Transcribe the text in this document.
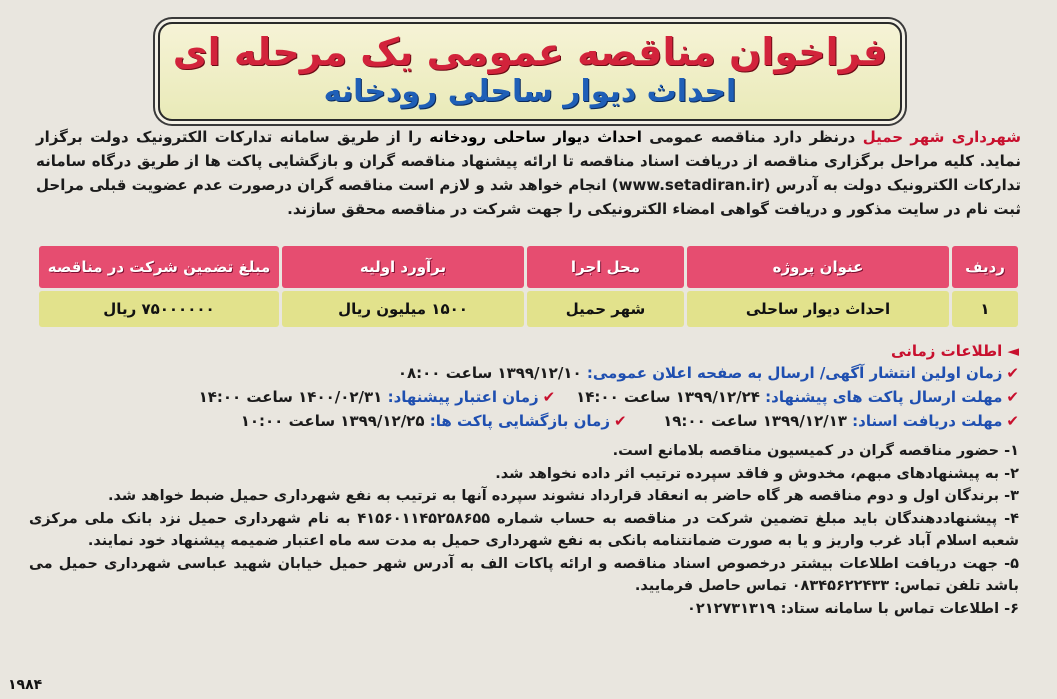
فراخوان مناقصه عمومی یک مرحله ای
احداث دیوار ساحلی رودخانه
شهرداری شهر حمیل درنظر دارد مناقصه عمومی احداث دیوار ساحلی رودخانه را از طریق سامانه تدارکات الکترونیک دولت برگزار نماید. کلیه مراحل برگزاری مناقصه از دریافت اسناد مناقصه تا ارائه پیشنهاد مناقصه گران و بازگشایی پاکت ها از طریق درگاه سامانه تدارکات الکترونیک دولت به آدرس (www.setadiran.ir) انجام خواهد شد و لازم است مناقصه گران درصورت عدم عضویت قبلی مراحل ثبت نام در سایت مذکور و دریافت گواهی امضاء الکترونیکی را جهت شرکت در مناقصه محقق سازند.
ردیف	عنوان پروژه	محل اجرا	برآورد اولیه	مبلغ تضمین شرکت در مناقصه
۱	احداث دیوار ساحلی	شهر حمیل	۱۵۰۰ میلیون ریال	۷۵۰۰۰۰۰۰ ریال
◄ اطلاعات زمانی
✔زمان اولین انتشار آگهی/ ارسال به صفحه اعلان عمومی: ۱۳۹۹/۱۲/۱۰ ساعت ۰۸:۰۰
✔مهلت ارسال پاکت های پیشنهاد: ۱۳۹۹/۱۲/۲۴ ساعت ۱۴:۰۰    ✔زمان اعتبار پیشنهاد: ۱۴۰۰/۰۲/۳۱ ساعت ۱۴:۰۰
✔مهلت دریافت اسناد: ۱۳۹۹/۱۲/۱۳ ساعت ۱۹:۰۰       ✔زمان بازگشایی پاکت ها: ۱۳۹۹/۱۲/۲۵ ساعت ۱۰:۰۰

۱- حضور مناقصه گران در کمیسیون مناقصه بلامانع است.

۲- به پیشنهادهای مبهم، مخدوش و فاقد سپرده ترتیب اثر داده نخواهد شد.

۳- برندگان اول و دوم مناقصه هر گاه حاضر به انعقاد قرارداد نشوند سپرده آنها به ترتیب به نفع شهرداری حمیل ضبط خواهد شد.

۴- پیشنهاددهندگان باید مبلغ تضمین شرکت در مناقصه به حساب شماره ۴۱۵۶۰۱۱۴۵۲۵۸۶۵۵ به نام شهرداری حمیل نزد بانک ملی مرکزی شعبه اسلام آباد غرب واریز و یا به صورت ضمانتنامه بانکی به نفع شهرداری حمیل به مدت سه ماه اعتبار ضمیمه پیشنهاد خود نمایند.

۵- جهت دریافت اطلاعات بیشتر درخصوص اسناد مناقصه و ارائه پاکات الف به آدرس شهر حمیل خیابان شهید عباسی شهرداری حمیل می باشد تلفن تماس: ۰۸۳۴۵۶۲۲۴۳۳ تماس حاصل فرمایید.

۶- اطلاعات تماس با سامانه ستاد: ۰۲۱۲۷۳۱۳۱۹

۱۹۸۴
